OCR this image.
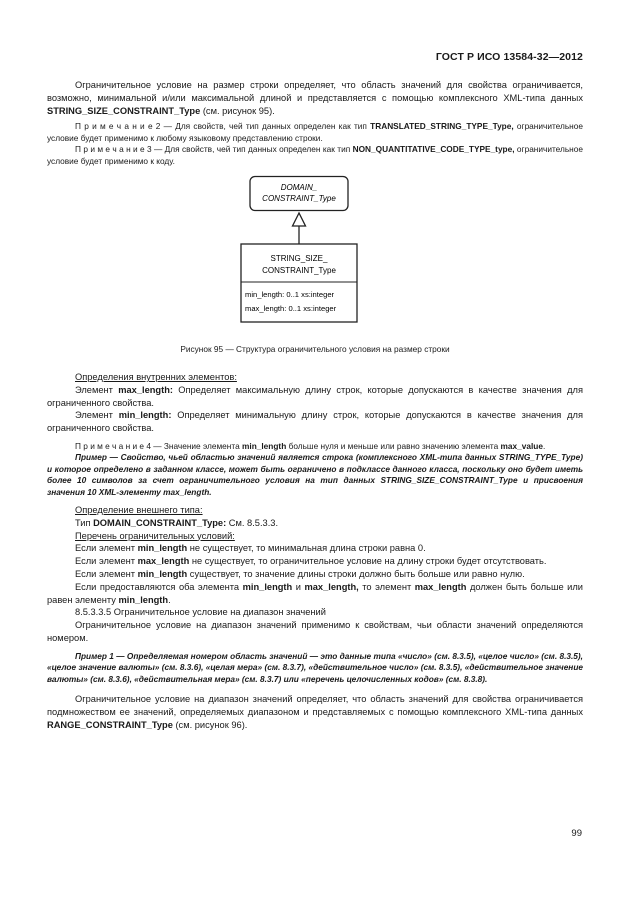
ГОСТ Р ИСО 13584-32—2012

Ограничительное условие на размер строки определяет, что область значений для свойства ограничивается, возможно, минимальной и/или максимальной длиной и представляется с помощью комплексного XML-типа данных STRING_SIZE_CONSTRAINT_Type (см. рисунок 95).

П р и м е ч а н и е 2 — Для свойств, чей тип данных определен как тип TRANSLATED_STRING_TYPE_Type, ограничительное условие будет применимо к любому языковому представлению строки.

П р и м е ч а н и е 3 — Для свойств, чей тип данных определен как тип NON_QUANTITATIVE_CODE_TYPE_type, ограничительное условие будет применимо к коду.

DOMAIN_
CONSTRAINT_Type
STRING_SIZE_
CONSTRAINT_Type
min_length: 0..1 xs:integer
max_length: 0..1 xs:integer
Рисунок 95 — Структура ограничительного условия на размер строки

Определения внутренних элементов:

Элемент max_length: Определяет максимальную длину строк, которые допускаются в качестве значения для ограниченного свойства.

Элемент min_length: Определяет минимальную длину строк, которые допускаются в качестве значения для ограниченного свойства.

П р и м е ч а н и е 4 — Значение элемента min_length больше нуля и меньше или равно значению элемента max_value.

Пример — Свойство, чьей областью значений является строка (комплексного XML-типа данных STRING_TYPE_Type) и которое определено в заданном классе, может быть ограничено в подклассе данного класса, поскольку оно будет иметь более 10 символов за счет ограничительного условия на тип данных STRING_SIZE_CONSTRAINT_Type и присвоения значения 10 XML-элементу max_length.

Определение внешнего типа:

Тип DOMAIN_CONSTRAINT_Type: См. 8.5.3.3.

Перечень ограничительных условий:

Если элемент min_length не существует, то минимальная длина строки равна 0.

Если элемент max_length не существует, то ограничительное условие на длину строки будет отсутствовать.

Если элемент min_length существует, то значение длины строки должно быть больше или равно нулю.

Если предоставляются оба элемента min_length и max_length, то элемент max_length должен быть больше или равен элементу min_length.

8.5.3.3.5 Ограничительное условие на диапазон значений

Ограничительное условие на диапазон значений применимо к свойствам, чьи области значений определяются номером.

Пример 1 — Определяемая номером область значений — это данные типа «число» (см. 8.3.5), «целое число» (см. 8.3.5), «целое значение валюты» (см. 8.3.6), «целая мера» (см. 8.3.7), «действительное число» (см. 8.3.5), «действительное значение валюты» (см. 8.3.6), «действительная мера» (см. 8.3.7) или «перечень целочисленных кодов» (см. 8.3.8).

Ограничительное условие на диапазон значений определяет, что область значений для свойства ограничивается подмножеством ее значений, определяемых диапазоном и представляемых с помощью комплексного XML-типа данных RANGE_CONSTRAINT_Type (см. рисунок 96).

99
